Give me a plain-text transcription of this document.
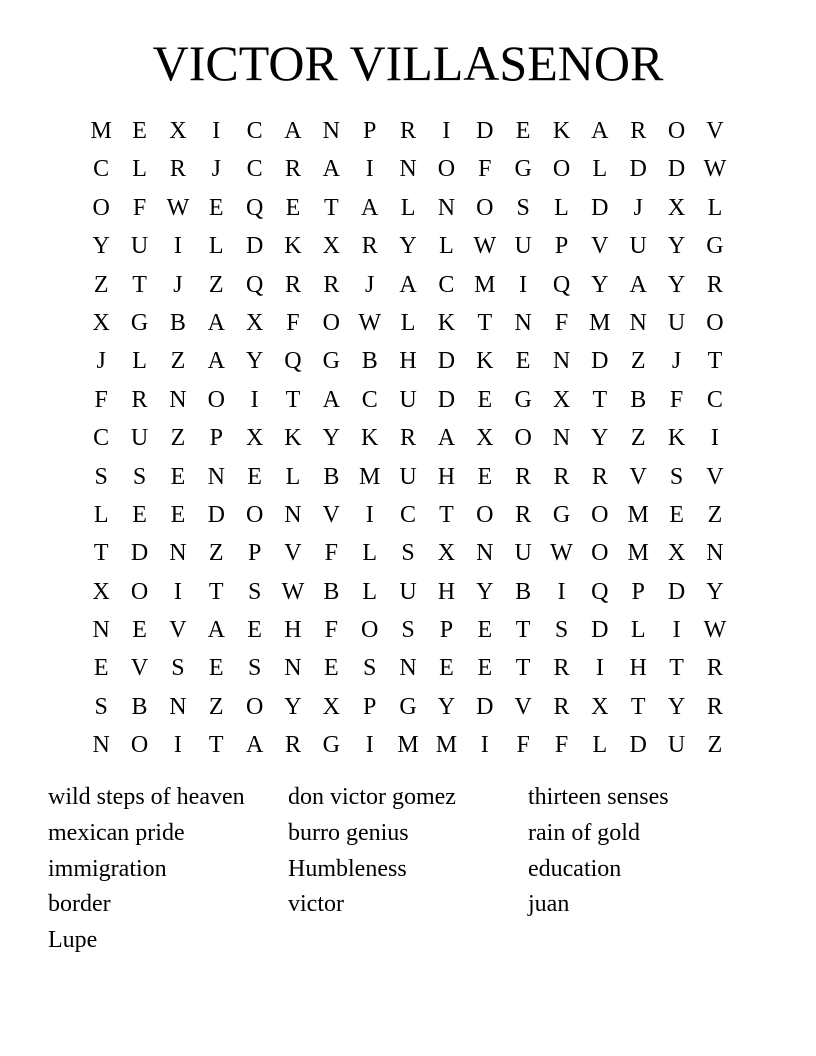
VICTOR VILLASENOR
M E X	I	C A N P R	I	D E K A R O V
C L R	J	C R A	I	N O F G O L D D W
O F W E Q E T A L N O S	L D	J	X L
Y U	I	L D K X R Y L W U P V U Y G
Z T	J	Z Q R R	J	A C M I	Q Y A Y R
X G B A X F O W L K T N F M N U O
J	L Z A Y Q G B H D K E N D Z	J	T
F R N O	I	T A C U D E G X T B F C
C U Z	P X K Y K R A X O N Y Z K	I
S	S	E N E L B M U H E R R R V S V
L E E D O N V	I	C T O R G O M E Z
T D N Z	P V F	L	S X N U W O M X N
X O	I	T	S W B L U H Y B	I	Q P D Y
N E V A E H F O S	P	E T	S D L	I W
E V S	E	S N E	S N E E T R	I	H T R
S B N Z O Y X P G Y D V R X T Y R
N O	I	T A R G	I M M I	F	F	L D U Z
wild steps of heaven	don victor gomez	thirteen senses
mexican pride	burro genius	rain of gold
immigration	Humbleness	education
border	victor	juan
Lupe
